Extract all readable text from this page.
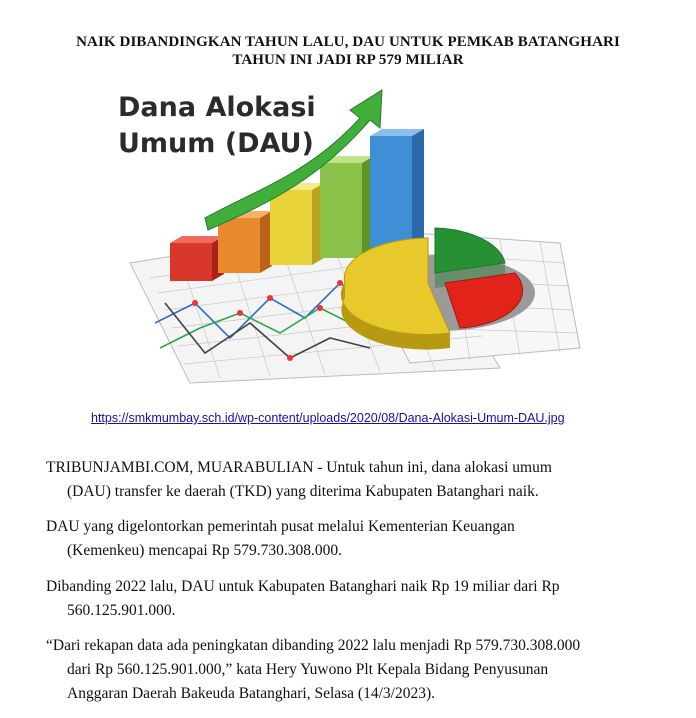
NAIK DIBANDINGKAN TAHUN LALU, DAU UNTUK PEMKAB BATANGHARI
TAHUN INI JADI RP 579 MILIAR
Dana Alokasi
Umum (DAU)
https://smkmumbay.sch.id/wp-content/uploads/2020/08/Dana-Alokasi-Umum-DAU.jpg
TRIBUNJAMBI.COM, MUARABULIAN - Untuk tahun ini, dana alokasi umum
(DAU) transfer ke daerah (TKD) yang diterima Kabupaten Batanghari naik.
DAU yang digelontorkan pemerintah pusat melalui Kementerian Keuangan
(Kemenkeu) mencapai Rp 579.730.308.000.
Dibanding 2022 lalu, DAU untuk Kabupaten Batanghari naik Rp 19 miliar dari Rp
560.125.901.000.
“Dari rekapan data ada peningkatan dibanding 2022 lalu menjadi Rp 579.730.308.000
dari Rp 560.125.901.000,” kata Hery Yuwono Plt Kepala Bidang Penyusunan
Anggaran Daerah Bakeuda Batanghari, Selasa (14/3/2023).
